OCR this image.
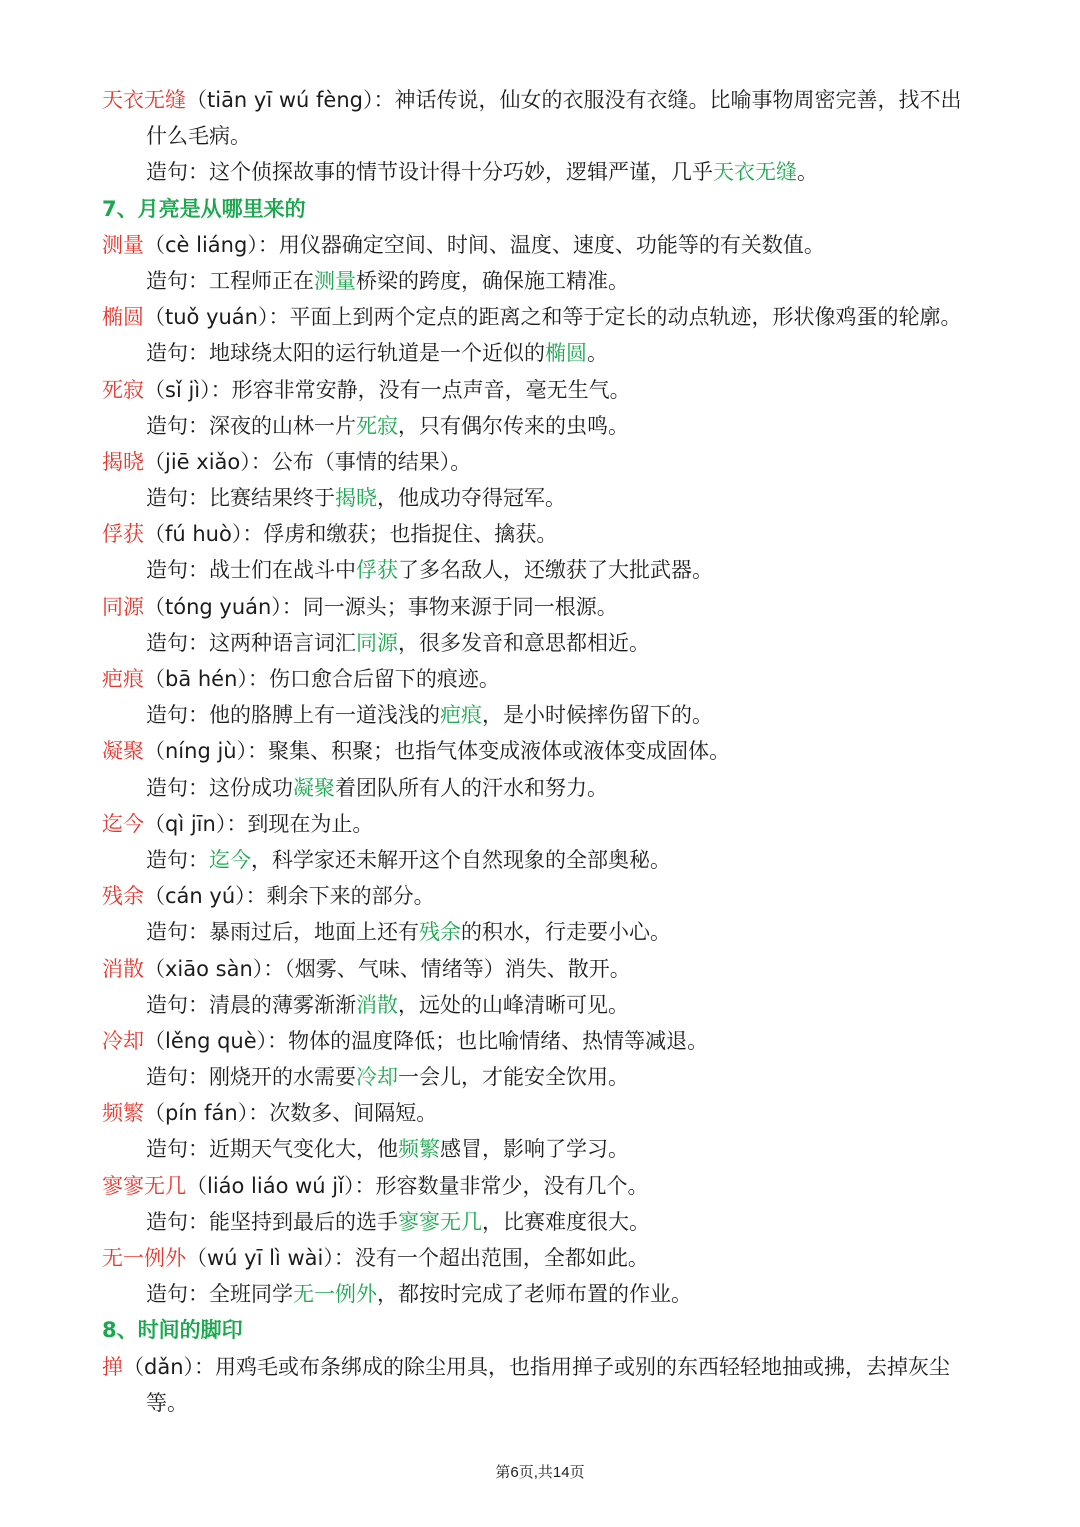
天衣无缝（tiān yī wú fèng）：神话传说，仙女的衣服没有衣缝。比喻事物周密完善，找不出
什么毛病。
造句：这个侦探故事的情节设计得十分巧妙，逻辑严谨，几乎天衣无缝。
7、月亮是从哪里来的
测量（cè liáng）：用仪器确定空间、时间、温度、速度、功能等的有关数值。
造句：工程师正在测量桥梁的跨度，确保施工精准。
椭圆（tuǒ yuán）：平面上到两个定点的距离之和等于定长的动点轨迹，形状像鸡蛋的轮廓。
造句：地球绕太阳的运行轨道是一个近似的椭圆。
死寂（sǐ jì）：形容非常安静，没有一点声音，毫无生气。
造句：深夜的山林一片死寂，只有偶尔传来的虫鸣。
揭晓（jiē xiǎo）：公布（事情的结果）。
造句：比赛结果终于揭晓，他成功夺得冠军。
俘获（fú huò）：俘虏和缴获；也指捉住、擒获。
造句：战士们在战斗中俘获了多名敌人，还缴获了大批武器。
同源（tóng yuán）：同一源头；事物来源于同一根源。
造句：这两种语言词汇同源，很多发音和意思都相近。
疤痕（bā hén）：伤口愈合后留下的痕迹。
造句：他的胳膊上有一道浅浅的疤痕，是小时候摔伤留下的。
凝聚（níng jù）：聚集、积聚；也指气体变成液体或液体变成固体。
造句：这份成功凝聚着团队所有人的汗水和努力。
迄今（qì jīn）：到现在为止。
造句：迄今，科学家还未解开这个自然现象的全部奥秘。
残余（cán yú）：剩余下来的部分。
造句：暴雨过后，地面上还有残余的积水，行走要小心。
消散（xiāo sàn）：（烟雾、气味、情绪等）消失、散开。
造句：清晨的薄雾渐渐消散，远处的山峰清晰可见。
冷却（lěng què）：物体的温度降低；也比喻情绪、热情等减退。
造句：刚烧开的水需要冷却一会儿，才能安全饮用。
频繁（pín fán）：次数多、间隔短。
造句：近期天气变化大，他频繁感冒，影响了学习。
寥寥无几（liáo liáo wú jǐ）：形容数量非常少，没有几个。
造句：能坚持到最后的选手寥寥无几，比赛难度很大。
无一例外（wú yī lì wài）：没有一个超出范围，全都如此。
造句：全班同学无一例外，都按时完成了老师布置的作业。
8、时间的脚印
掸（dǎn）：用鸡毛或布条绑成的除尘用具，也指用掸子或别的东西轻轻地抽或拂，去掉灰尘
等。
第6页,共14页
